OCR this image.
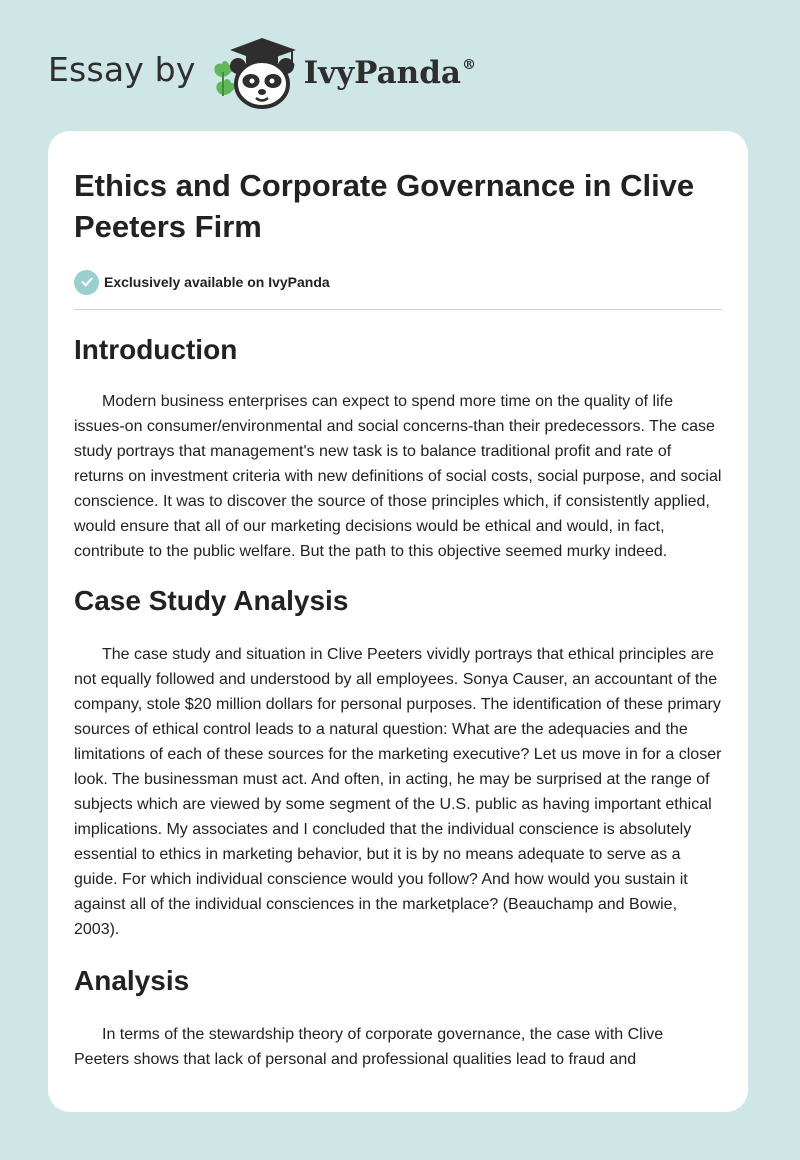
Essay by	IvyPanda®
Ethics and Corporate Governance in Clive Peeters Firm
Exclusively available on IvyPanda
Introduction

Modern business enterprises can expect to spend more time on the quality of life issues-on consumer/environmental and social concerns-than their predecessors. The case study portrays that management's new task is to balance traditional profit and rate of returns on investment criteria with new definitions of social costs, social purpose, and social conscience. It was to discover the source of those principles which, if consistently applied, would ensure that all of our marketing decisions would be ethical and would, in fact, contribute to the public welfare. But the path to this objective seemed murky indeed.

Case Study Analysis

The case study and situation in Clive Peeters vividly portrays that ethical principles are not equally followed and understood by all employees. Sonya Causer, an accountant of the company, stole $20 million dollars for personal purposes. The identification of these primary sources of ethical control leads to a natural question: What are the adequacies and the limitations of each of these sources for the marketing executive? Let us move in for a closer look. The businessman must act. And often, in acting, he may be surprised at the range of subjects which are viewed by some segment of the U.S. public as having important ethical implications. My associates and I concluded that the individual conscience is absolutely essential to ethics in marketing behavior, but it is by no means adequate to serve as a guide. For which individual conscience would you follow? And how would you sustain it against all of the individual consciences in the marketplace? (Beauchamp and Bowie, 2003).

Analysis

In terms of the stewardship theory of corporate governance, the case with Clive Peeters shows that lack of personal and professional qualities lead to fraud and
